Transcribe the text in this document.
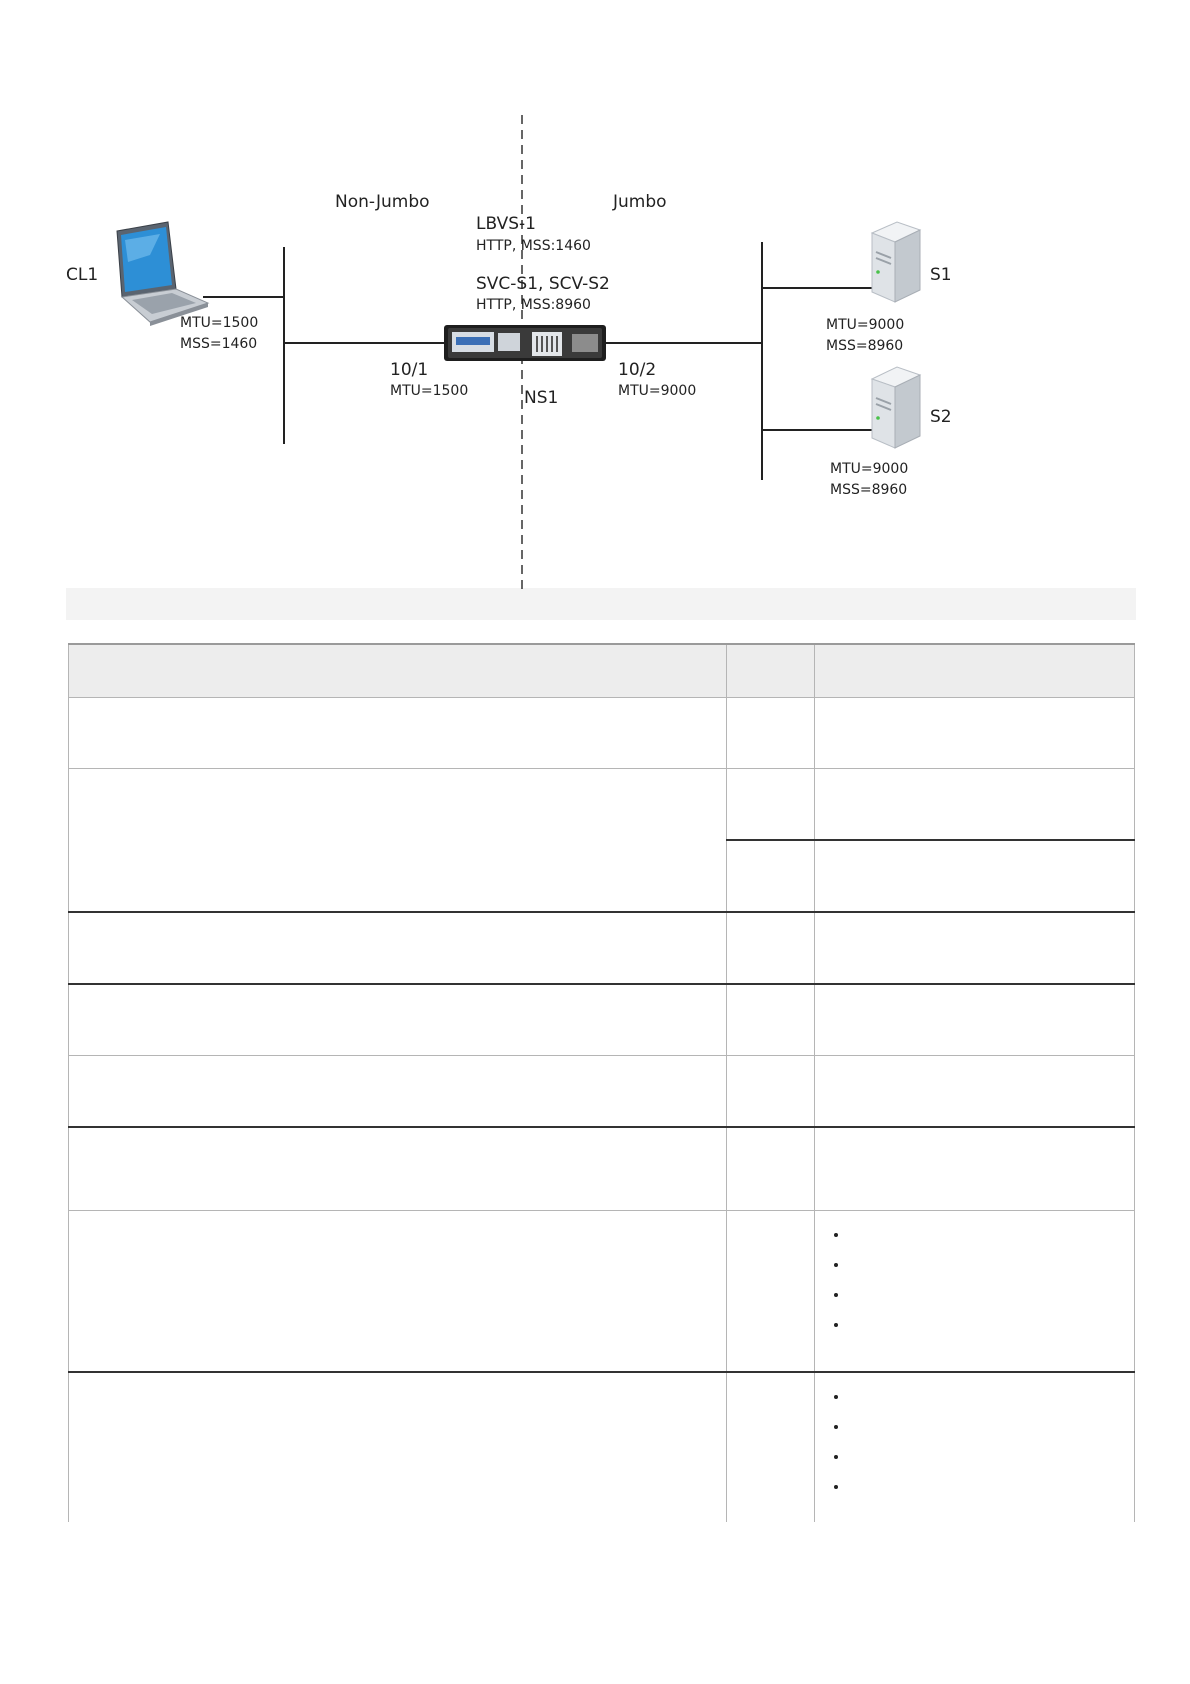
Non-Jumbo	Jumbo
LBVS-1
HTTP, MSS:1460
SVC-S1, SCV-S2
HTTP, MSS:8960
CL1
MTU=1500
MSS=1460
NS1
10/1
MTU=1500
10/2
MTU=9000
S1
MTU=9000
MSS=8960
S2
MTU=9000
MSS=8960

•
•
•
•

•
•
•
•
